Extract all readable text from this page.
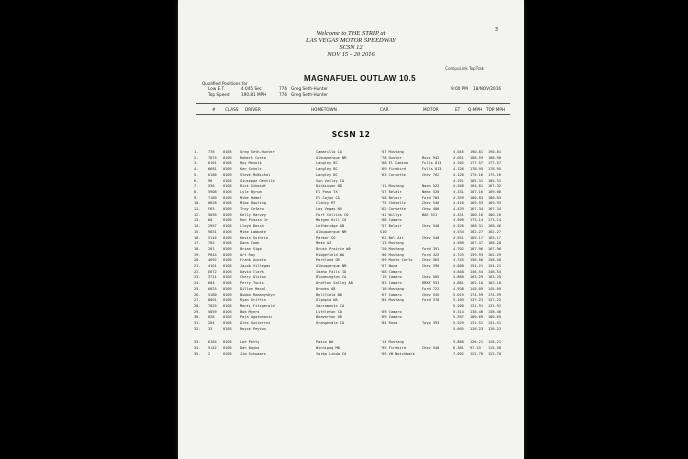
3
Welcome to THE STRIP at
LAS VEGAS MOTOR SPEEDWAY
SCSN 12
NOV 15 - 20 2016
CompuLink TopTrak
MAGNAFUEL OUTLAW 10.5
Qualified Positions for
Low E.T.	4.045 Sec	776 Greg Seth-Hunter
Top Speed	190.81 MPH	776 Greg Seth-Hunter
9:00 PM 18/NOV/2016
# CLASS DRIVER	HOMETOWN	CAR	MOTOR	ET Q-MPH TOP MPH
SCSN 12
1.	776 0105 Greg Seth-Hunter	Camarillo CA	'57 Mustang	4.045 190.81 190.81
2.	7074 0105 Robert Costa	Albuquerque NM	'78 Duster	Musi 942	4.051 188.59 188.90
3.	6101 0105 Roy Mosnik	Langley BC	'68 El Camino	Fulls 813	4.102 177.57 177.57
4.	6681 0105 Ken Scholz	Langley BC	'69 Firebird	Fulls 813	4.126 178.95 178.95
5.	6106 0105 Steve McNichol	Langley BC	'63 Corvette	Chev 762	4.126 175.16 175.16
6.	96	0105 Giuseppe Gentile	Sun Valley CA	4.251 185.31 185.31
7.	530 0105 Rick Schmidt	Dickinson ND	'11 Mustang	Noon 522	4.268 164.81 167.32
8.	5908 0105 Lyle Byrum	El Paso TX	'57 Belair	Nemc 526	4.331 167.16 169.06
9.	7189 0105 Mike Hamel	El Cajon CA	'58 Belair	Ford 705	4.359 180.83 180.83
10. 0628 0105 Mike Dowling	Clancy MT	'75 Chevelle	Chev 540	4.416 169.93 169.93
11. F63 0105 Troy Cefaro	Las Vegas NV	'62 Corvette	Chev 400	4.429 167.34 167.34
12. 5056 0105 Kelly Harvey	Fort Collins CO	'41 Willys	BAE 521	4.451 180.16 180.16
13. 60	0105 Ron Piazza Jr	Morgan Hill CA	'68 Camaro	4.509 173.14 173.14
14. 2957 0105 Lloyd Bosch	Lethbridge AB	'57 Belair	Chev 540	4.526 168.31 168.46
15. 9031 0105 Mike Labbate	Albuquerque NM	S10	4.534 162.27 162.27
16. 5144 0105 Kevin Guthrie	Parker CO	'62 Bel Air	Chev 540	4.551 165.17 165.17
17. 702 0105 Dana Cook	Mesa AZ	'13 Mustang	4.589 167.47 168.28
18. 201 0105 Brian Sigo	Brush Prairie WA	'20 Mustang	Ford 391	4.702 167.96 167.96
19. P644 0105 Art Ray	Ridgefield WA	'06 Mustang	Ford 422	4.725 159.93 162.29
20. 4692 0105 Frank Acosta	Portland OR	'69 Monte Carlo	Chev 565	4.745 158.50 158.50
21. 4101 0105 Jacob Villegas	Albuquerque NM	'67 Nova	Chev 396	4.800 154.21 154.21
22. E672 0105 David Clark	Idaho Falls ID	'68 Camaro	4.848 146.54 146.54
23. 3711 0105 Chery Alston	Bloomington CA	'15 Camaro	Chev 505	4.860 163.29 163.29
24. 604 0105 Perry Tunis	Drafton Valley AB	'02 Camaro	RMXE 933	4.881 162.10 162.10
25. 6025 0105 Dillon Mazal	Brooks AB	'10 Mustang	Ford 722	4.938 145.09 145.09
26. 5180 0105 Bubba Romanyshyn	Bellfield ND	'67 Camaro	Chev 545	5.019 174.59 174.59
27. 8001 0105 Ryan Griffin	Olympia WA	'04 Mustang	Ford 370	5.169 137.23 137.23
28. 7025 0105 Monti Fitzgerald	Sacramento CA	5.200 131.91 131.91
29. 5059 0105 Bob Myers	Littleton CO	'69 Camaro	5.314 138.46 138.46
30. 628 0105 Paja Agatonovic	Beaverton OR	'69 Camaro	5.397 180.69 180.69
31. 204 0105 Alex Gutierrez	Orangevale CA	'84 Rosa	Toyo 393	5.529 131.51 131.51
32. 33	0105 Royce Peyton	5.665 126.23 126.23
33. 6164 0105 Lee Petty	Pasco WA	'14 Mustang	5.866 126.21 126.21
34. 5142 0105 Dan Boyko	Winnipeg MB	'95 Firebird	Chev 540	6.381 97.43 115.58
35. 2	0105 Jim Schwaars	Yorba Linda CA	'69 VW Notchback	7.092 122.78 122.78
